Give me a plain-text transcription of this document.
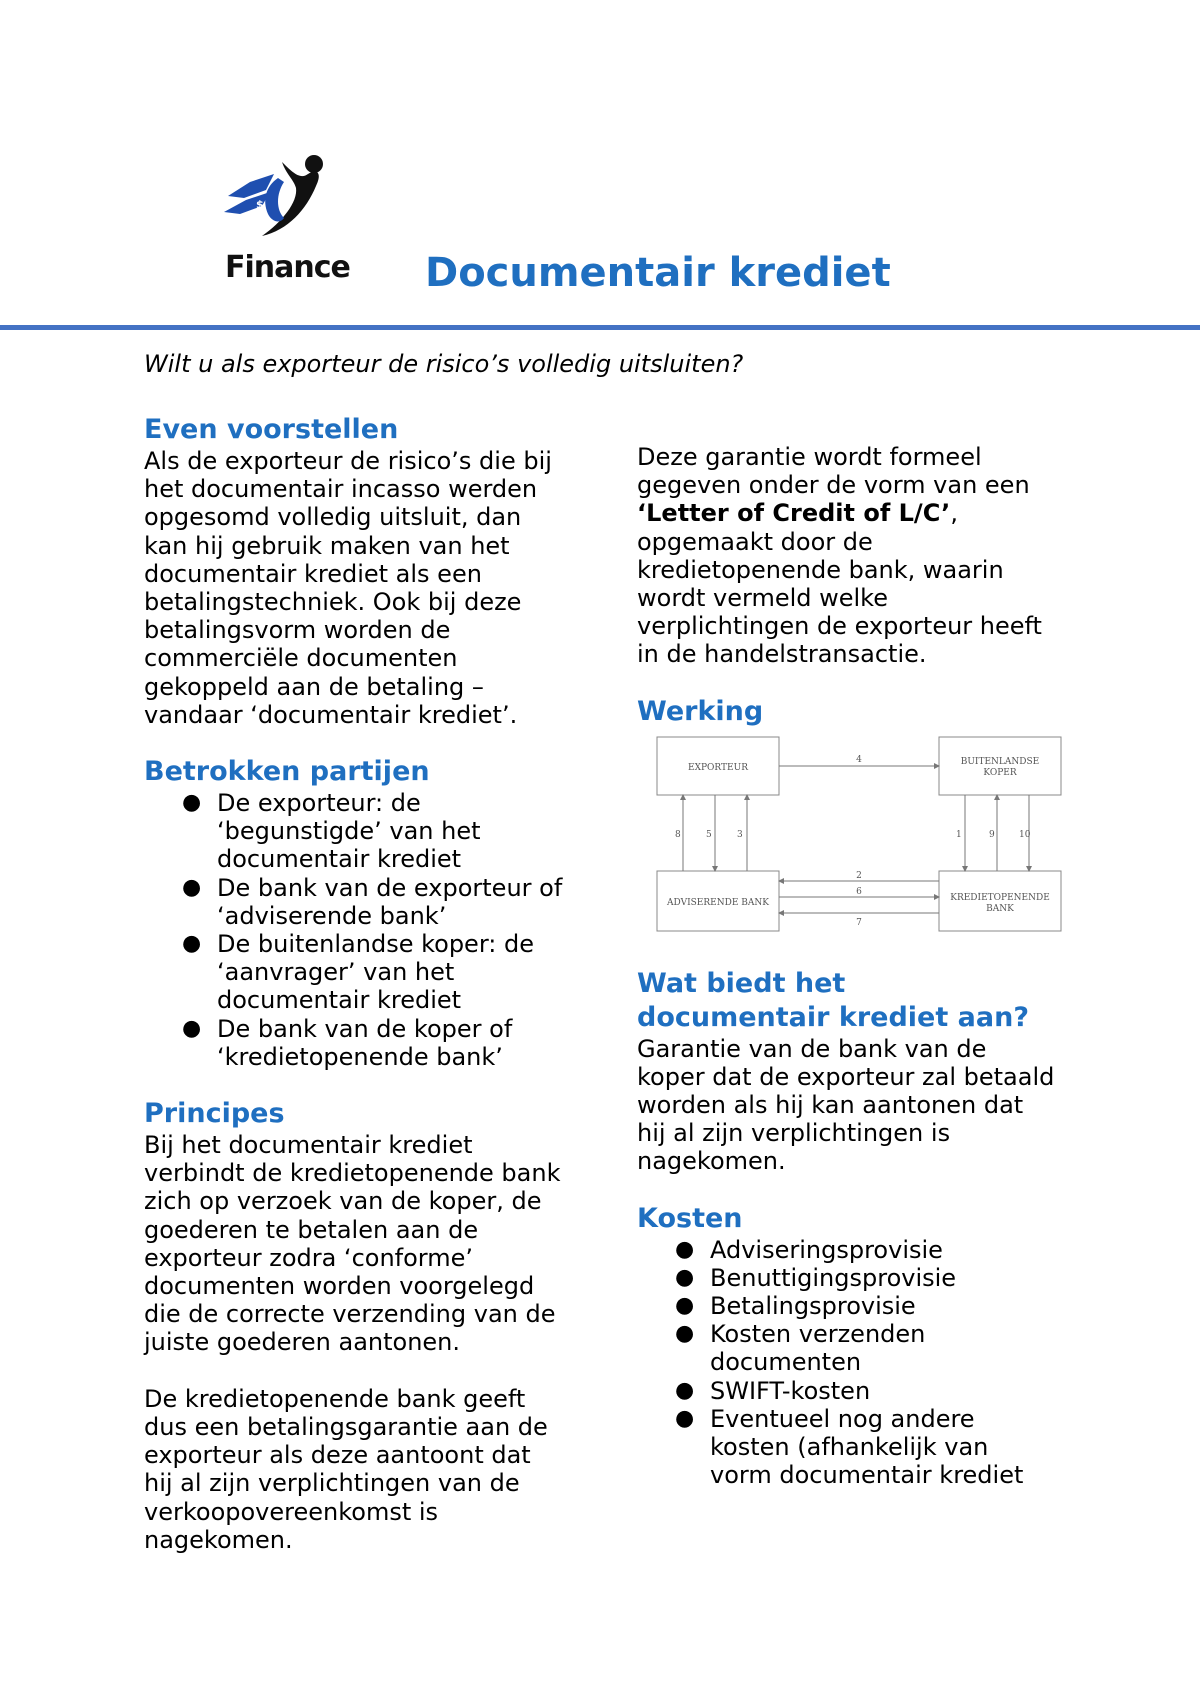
$
Finance Documentair krediet
Wilt u als exporteur de risico’s volledig uitsluiten?
Even voorstellen
Als de exporteur de risico’s die bij
het documentair incasso werden
opgesomd volledig uitsluit, dan
kan hij gebruik maken van het
documentair krediet als een
betalingstechniek. Ook bij deze
betalingsvorm worden de
commerciële documenten
gekoppeld aan de betaling –
vandaar ‘documentair krediet’.
Betrokken partijen
● De exporteur: de
‘begunstigde’ van het
documentair krediet
● De bank van de exporteur of
‘adviserende bank’
● De buitenlandse koper: de
‘aanvrager’ van het
documentair krediet
● De bank van de koper of
‘kredietopenende bank’
Principes
Bij het documentair krediet
verbindt de kredietopenende bank
zich op verzoek van de koper, de
goederen te betalen aan de
exporteur zodra ‘conforme’
documenten worden voorgelegd
die de correcte verzending van de
juiste goederen aantonen.
De kredietopenende bank geeft
dus een betalingsgarantie aan de
exporteur als deze aantoont dat
hij al zijn verplichtingen van de
verkoopovereenkomst is
nagekomen.
Deze garantie wordt formeel
gegeven onder de vorm van een
‘Letter of Credit of L/C’,
opgemaakt door de
kredietopenende bank, waarin
wordt vermeld welke
verplichtingen de exporteur heeft
in de handelstransactie.
Werking
EXPORTEUR
BUITENLANDSE
KOPER
ADVISERENDE BANK	KREDIETOPENENDE
BANK
4
8	5	3	1	9	10
2
6
7
Wat biedt het
documentair krediet aan?
Garantie van de bank van de
koper dat de exporteur zal betaald
worden als hij kan aantonen dat
hij al zijn verplichtingen is
nagekomen.
Kosten
● Adviseringsprovisie
● Benuttigingsprovisie
● Betalingsprovisie
● Kosten verzenden
documenten
● SWIFT-kosten
● Eventueel nog andere
kosten (afhankelijk van
vorm documentair krediet
